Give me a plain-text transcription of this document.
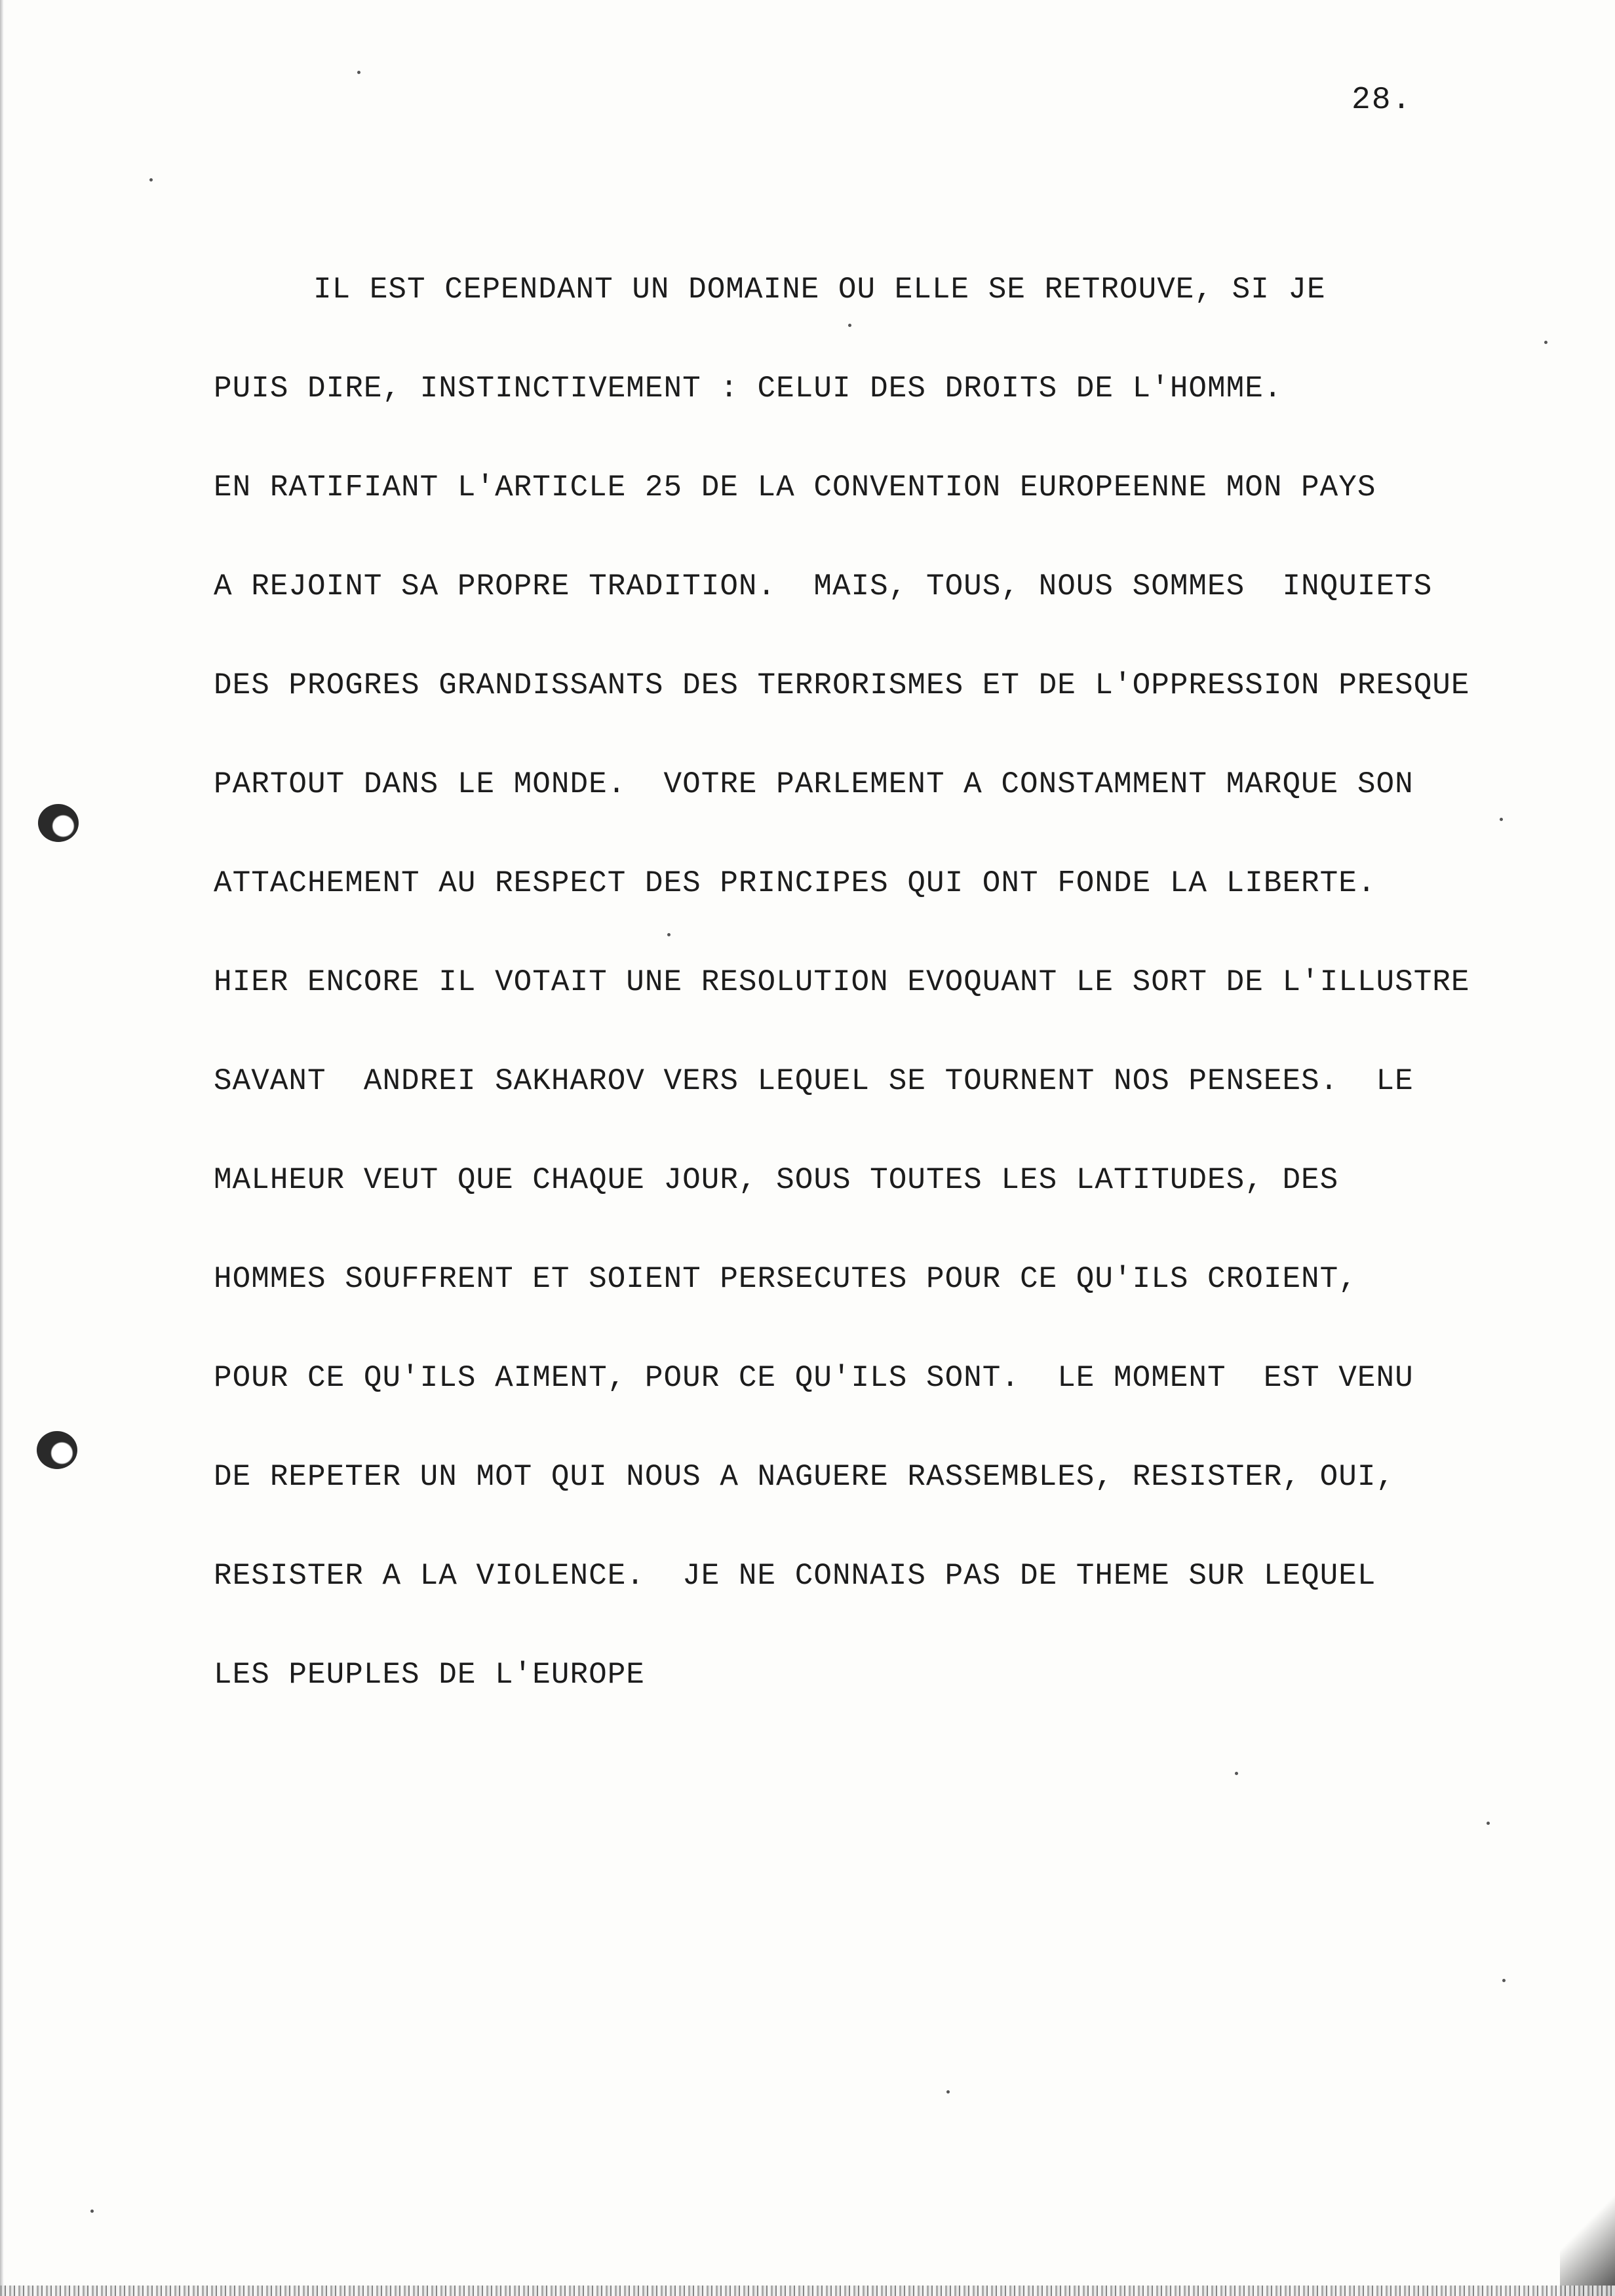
28.
IL EST CEPENDANT UN DOMAINE OU ELLE SE RETROUVE, SI JE
PUIS DIRE, INSTINCTIVEMENT : CELUI DES DROITS DE L'HOMME.
EN RATIFIANT L'ARTICLE 25 DE LA CONVENTION EUROPEENNE MON PAYS
A REJOINT SA PROPRE TRADITION.  MAIS, TOUS, NOUS SOMMES  INQUIETS
DES PROGRES GRANDISSANTS DES TERRORISMES ET DE L'OPPRESSION PRESQUE
PARTOUT DANS LE MONDE.  VOTRE PARLEMENT A CONSTAMMENT MARQUE SON
ATTACHEMENT AU RESPECT DES PRINCIPES QUI ONT FONDE LA LIBERTE.
HIER ENCORE IL VOTAIT UNE RESOLUTION EVOQUANT LE SORT DE L'ILLUSTRE
SAVANT  ANDREI SAKHAROV VERS LEQUEL SE TOURNENT NOS PENSEES.  LE
MALHEUR VEUT QUE CHAQUE JOUR, SOUS TOUTES LES LATITUDES, DES
HOMMES SOUFFRENT ET SOIENT PERSECUTES POUR CE QU'ILS CROIENT,
POUR CE QU'ILS AIMENT, POUR CE QU'ILS SONT.  LE MOMENT  EST VENU
DE REPETER UN MOT QUI NOUS A NAGUERE RASSEMBLES, RESISTER, OUI,
RESISTER A LA VIOLENCE.  JE NE CONNAIS PAS DE THEME SUR LEQUEL
LES PEUPLES DE L'EUROPE
